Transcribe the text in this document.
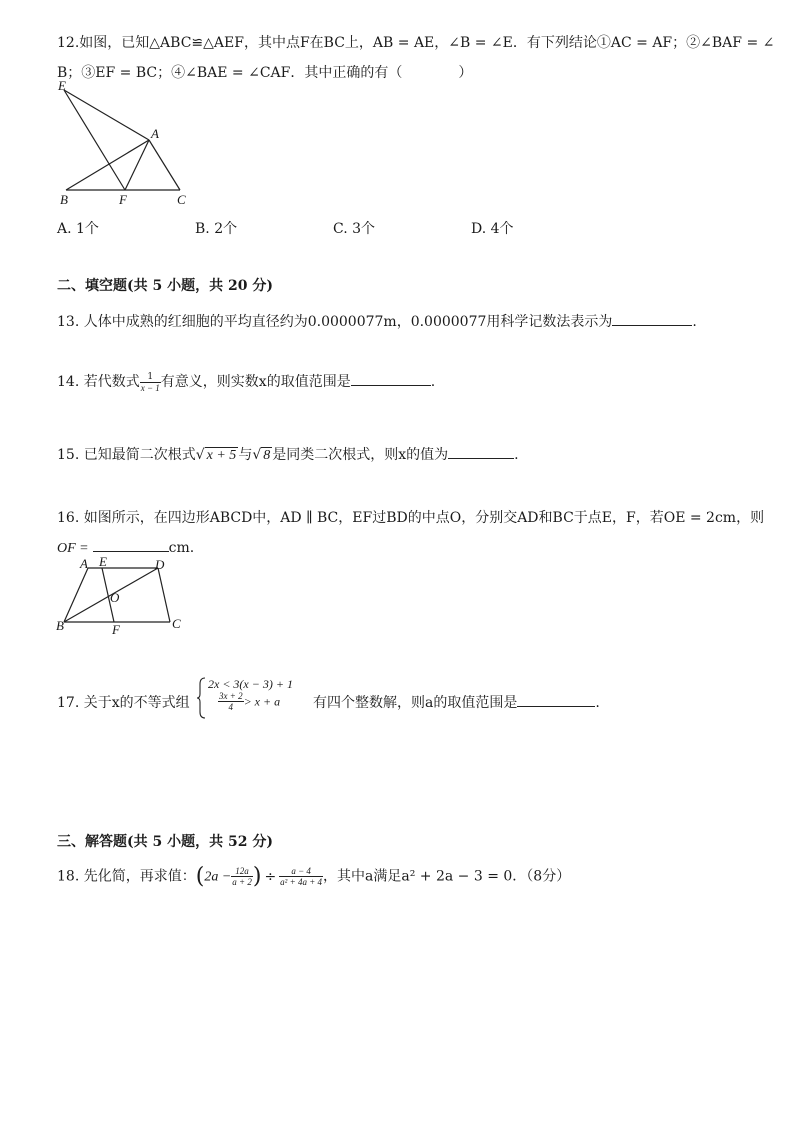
12.如图，已知△ABC≌△AEF，其中点F在BC上，AB = AE，∠B = ∠E．有下列结论①AC = AF；②∠BAF = ∠
B；③EF = BC；④∠BAE = ∠CAF．其中正确的有（　　　　）
E
A
B	F	C
A. 1个	B. 2个	C. 3个	D. 4个
二、填空题(共 5 小题，共 20 分)
13. 人体中成熟的红细胞的平均直径约为0.0000077m，0.0000077用科学记数法表示为	.
14. 若代数式 $\frac{1}{x - 1}$ 有意义，则实数x的取值范围是	.
15. 已知最简二次根式√ x + 5 与√ 8 是同类二次根式，则x的值为	.
16. 如图所示，在四边形ABCD中，AD ∥ BC，EF过BD的中点O，分别交AD和BC于点E，F，若OE = 2cm，则
OF =	cm.
A E	D
O
B	F	C
17. 关于x的不等式组
2x < 3(x − 3) + 1
$\frac{3x + 2}{4} > x + a$ 有四个整数解，则a的取值范围是	.
三、解答题(共 5 小题，共 52 分)
18. 先化简，再求值：($2a - \frac{12a}{a + 2}$ ) ÷ $\frac{a - 4}{\text{a² + 4a + 4}}$ ，其中a满足a² + 2a − 3 = 0．（8分）
